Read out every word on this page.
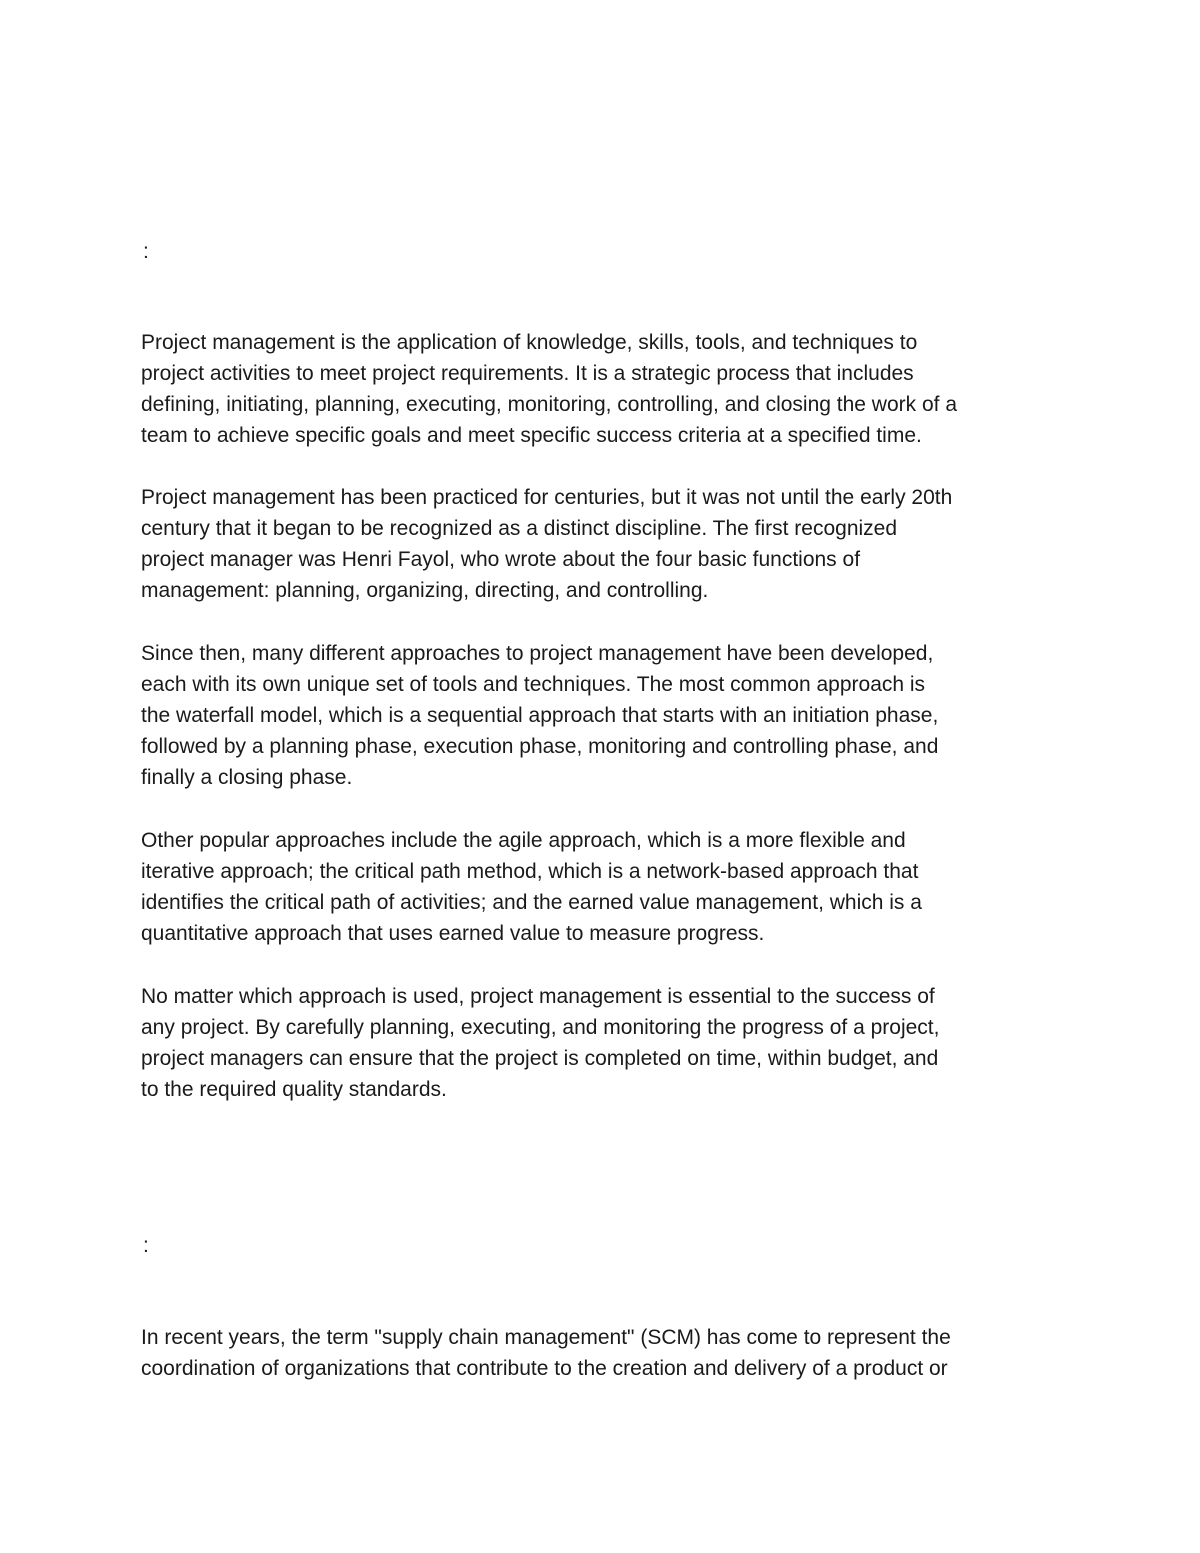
:
Project management is the application of knowledge, skills, tools, and techniques to
project activities to meet project requirements. It is a strategic process that includes
defining, initiating, planning, executing, monitoring, controlling, and closing the work of a
team to achieve specific goals and meet specific success criteria at a specified time.
Project management has been practiced for centuries, but it was not until the early 20th
century that it began to be recognized as a distinct discipline. The first recognized
project manager was Henri Fayol, who wrote about the four basic functions of
management: planning, organizing, directing, and controlling.
Since then, many different approaches to project management have been developed,
each with its own unique set of tools and techniques. The most common approach is
the waterfall model, which is a sequential approach that starts with an initiation phase,
followed by a planning phase, execution phase, monitoring and controlling phase, and
finally a closing phase.
Other popular approaches include the agile approach, which is a more flexible and
iterative approach; the critical path method, which is a network-based approach that
identifies the critical path of activities; and the earned value management, which is a
quantitative approach that uses earned value to measure progress.
No matter which approach is used, project management is essential to the success of
any project. By carefully planning, executing, and monitoring the progress of a project,
project managers can ensure that the project is completed on time, within budget, and
to the required quality standards.
:
In recent years, the term "supply chain management" (SCM) has come to represent the
coordination of organizations that contribute to the creation and delivery of a product or
